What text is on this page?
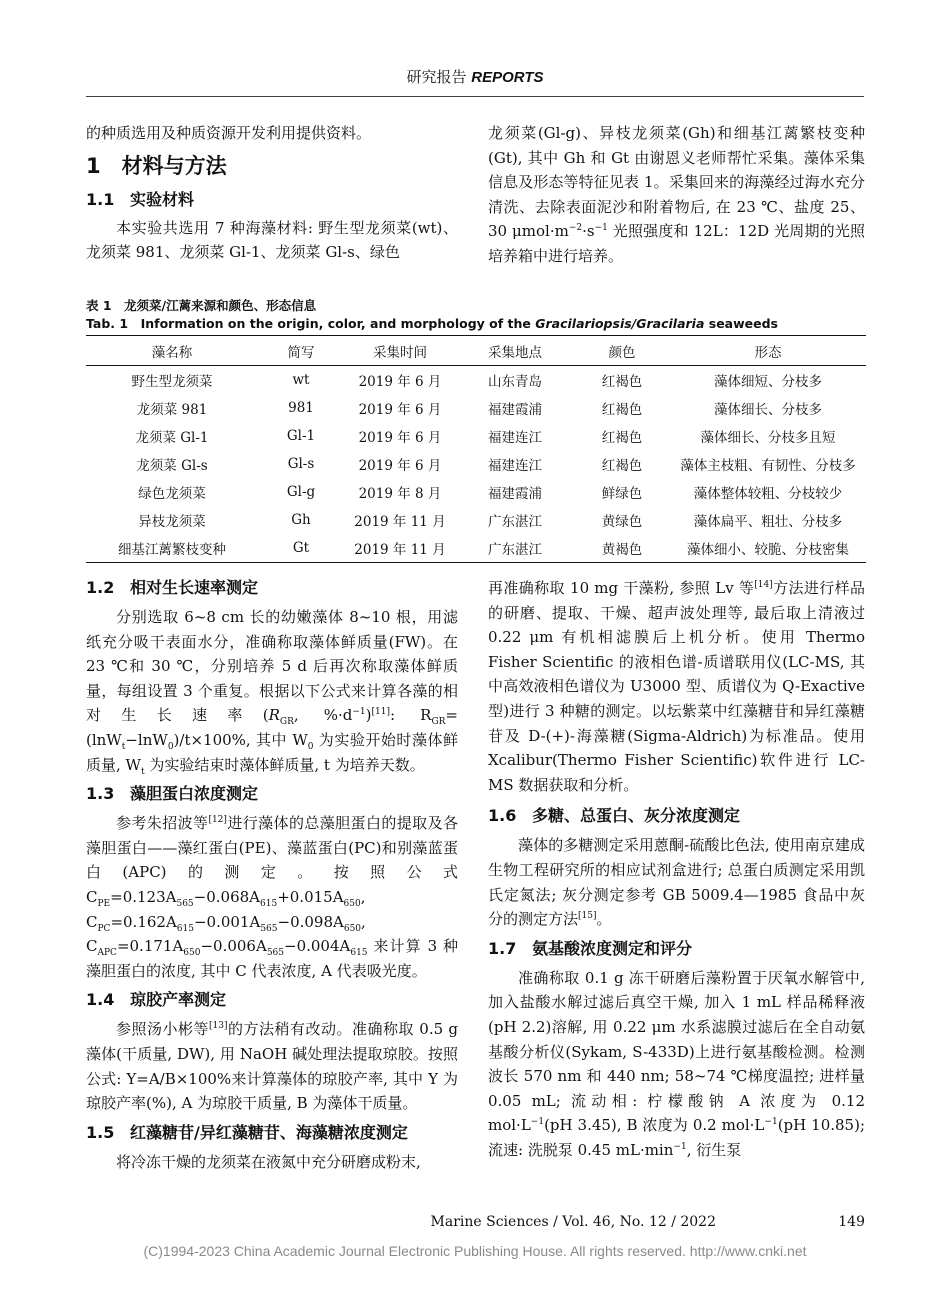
研究报告 REPORTS

的种质选用及种质资源开发利用提供资料。

1　材料与方法
1.1 实验材料

本实验共选用 7 种海藻材料: 野生型龙须菜(wt)、龙须菜 981、龙须菜 Gl-1、龙须菜 Gl-s、绿色

龙须菜(Gl-g)、异枝龙须菜(Gh)和细基江蓠繁枝变种(Gt), 其中 Gh 和 Gt 由谢恩义老师帮忙采集。藻体采集信息及形态等特征见表 1。采集回来的海藻经过海水充分清洗、去除表面泥沙和附着物后, 在 23 ℃、盐度 25、30 $\mu mol\cdot m^{-2}\cdot s^{-1}$ 光照强度和 12L：12D 光周期的光照培养箱中进行培养。

表 1　龙须菜/江蓠来源和颜色、形态信息
Tab. 1　Information on the origin, color, and morphology of the Gracilariopsis/Gracilaria seaweeds
藻名称	简写	采集时间	采集地点	颜色	形态
野生型龙须菜	wt	2019 年 6 月	山东青岛	红褐色	藻体细短、分枝多
龙须菜 981	981	2019 年 6 月	福建霞浦	红褐色	藻体细长、分枝多
龙须菜 Gl-1	Gl-1	2019 年 6 月	福建连江	红褐色	藻体细长、分枝多且短
龙须菜 Gl-s	Gl-s	2019 年 6 月	福建连江	红褐色	藻体主枝粗、有韧性、分枝多
绿色龙须菜	Gl-g	2019 年 8 月	福建霞浦	鲜绿色	藻体整体较粗、分枝较少
异枝龙须菜	Gh	2019 年 11 月	广东湛江	黄绿色	藻体扁平、粗壮、分枝多
细基江蓠繁枝变种	Gt	2019 年 11 月	广东湛江	黄褐色	藻体细小、较脆、分枝密集
1.2 相对生长速率测定

分别选取 6~8 cm 长的幼嫩藻体 8~10 根，用滤纸充分吸干表面水分，准确称取藻体鲜质量(FW)。在 23 ℃和 30 ℃，分别培养 5 d 后再次称取藻体鲜质量，每组设置 3 个重复。根据以下公式来计算各藻的相对生长速率($R_{GR}$, $\%\cdot d^{-1})[11]$: $R_{GR}=(\ln W_t-\ln W_0)/t\times 100\%$, 其中 $W_0$ 为实验开始时藻体鲜质量, $W_t$ 为实验结束时藻体鲜质量, t 为培养天数。

1.3 藻胆蛋白浓度测定

参考朱招波等[12]进行藻体的总藻胆蛋白的提取及各藻胆蛋白——藻红蛋白(PE)、藻蓝蛋白(PC)和别藻蓝蛋白(APC)的测定。按照公式 $C_{PE}=0.123A_{565}-0.068A_{615}+0.015A_{650}$, $C_{PC}=0.162A_{615}-0.001A_{565}-0.098A_{650}$, $C_{APC}=0.171A_{650}-0.006A_{565}-0.004A_{615}$ 来计算 3 种藻胆蛋白的浓度, 其中 C 代表浓度, A 代表吸光度。

1.4 琼胶产率测定

参照汤小彬等[13]的方法稍有改动。准确称取 0.5 g 藻体(干质量, DW), 用 NaOH 碱处理法提取琼胶。按照公式: Y=A/B×100%来计算藻体的琼胶产率, 其中 Y 为琼胶产率(%), A 为琼胶干质量, B 为藻体干质量。

1.5 红藻糖苷/异红藻糖苷、海藻糖浓度测定

将冷冻干燥的龙须菜在液氮中充分研磨成粉末,

再准确称取 10 mg 干藻粉, 参照 Lv 等[14]方法进行样品的研磨、提取、干燥、超声波处理等, 最后取上清液过 0.22 μm 有机相滤膜后上机分析。使用 Thermo Fisher Scientific 的液相色谱-质谱联用仪(LC-MS, 其中高效液相色谱仪为 U3000 型、质谱仪为 Q-Exactive 型)进行 3 种糖的测定。以坛紫菜中红藻糖苷和异红藻糖苷及 D-(+)-海藻糖(Sigma-Aldrich)为标准品。使用 Xcalibur(Thermo Fisher Scientific)软件进行 LC-MS 数据获取和分析。

1.6 多糖、总蛋白、灰分浓度测定

藻体的多糖测定采用蒽酮-硫酸比色法, 使用南京建成生物工程研究所的相应试剂盒进行; 总蛋白质测定采用凯氏定氮法; 灰分测定参考 GB 5009.4—1985 食品中灰分的测定方法[15]。

1.7 氨基酸浓度测定和评分

准确称取 0.1 g 冻干研磨后藻粉置于厌氧水解管中, 加入盐酸水解过滤后真空干燥, 加入 1 mL 样品稀释液(pH 2.2)溶解, 用 0.22 μm 水系滤膜过滤后在全自动氨基酸分析仪(Sykam, S-433D)上进行氨基酸检测。检测波长 570 nm 和 440 nm; 58~74 ℃梯度温控; 进样量 0.05 mL; 流动相: 柠檬酸钠 A 浓度为 0.12 $mol\cdot L^{-1}(pH$ 3.45), B 浓度为 0.2 $mol\cdot L^{-1}(pH$ 10.85); 流速: 洗脱泵 0.45 $mL\cdot\min^{-1}$, 衍生泵

Marine Sciences / Vol. 46, No. 12 / 2022	149
(C)1994-2023 China Academic Journal Electronic Publishing House. All rights reserved. http://www.cnki.net
